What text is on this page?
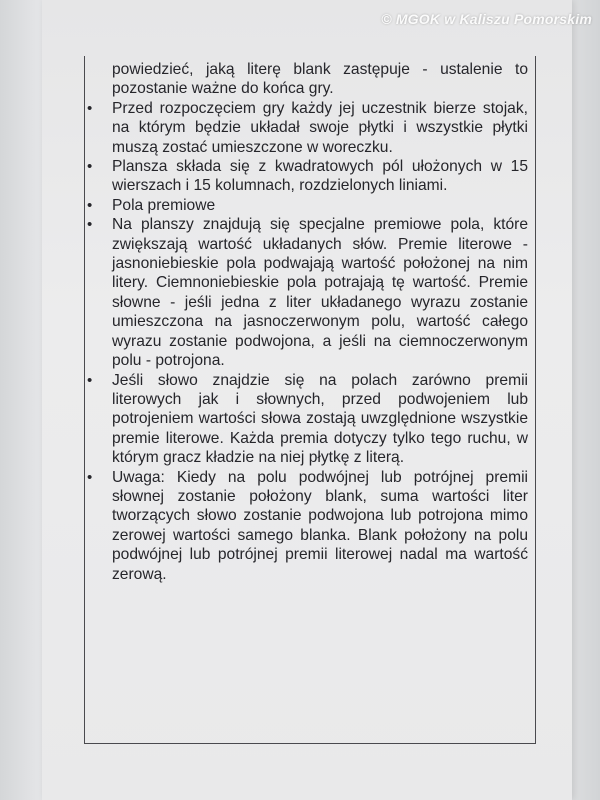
© MGOK w Kaliszu Pomorskim

powiedzieć, jaką literę blank zastępuje - ustalenie to pozostanie ważne do końca gry.

• Przed rozpoczęciem gry każdy jej uczestnik bierze stojak, na którym będzie układał swoje płytki i wszystkie płytki muszą zostać umieszczone w woreczku.

• Plansza składa się z kwadratowych pól ułożonych w 15 wierszach i 15 kolumnach, rozdzielonych liniami.

• Pola premiowe

• Na planszy znajdują się specjalne premiowe pola, które zwiększają wartość układanych słów. Premie literowe - jasnoniebieskie pola podwajają wartość położonej na nim litery. Ciemnoniebieskie pola potrajają tę wartość. Premie słowne - jeśli jedna z liter układanego wyrazu zostanie umieszczona na jasnoczerwonym polu, wartość całego wyrazu zostanie podwojona, a jeśli na ciemnoczerwonym polu - potrojona.

• Jeśli słowo znajdzie się na polach zarówno premii literowych jak i słownych, przed podwojeniem lub potrojeniem wartości słowa zostają uwzględnione wszystkie premie literowe. Każda premia dotyczy tylko tego ruchu, w którym gracz kładzie na niej płytkę z literą.

• Uwaga: Kiedy na polu podwójnej lub potrójnej premii słownej zostanie położony blank, suma wartości liter tworzących słowo zostanie podwojona lub potrojona mimo zerowej wartości samego blanka. Blank położony na polu podwójnej lub potrójnej premii literowej nadal ma wartość zerową.
